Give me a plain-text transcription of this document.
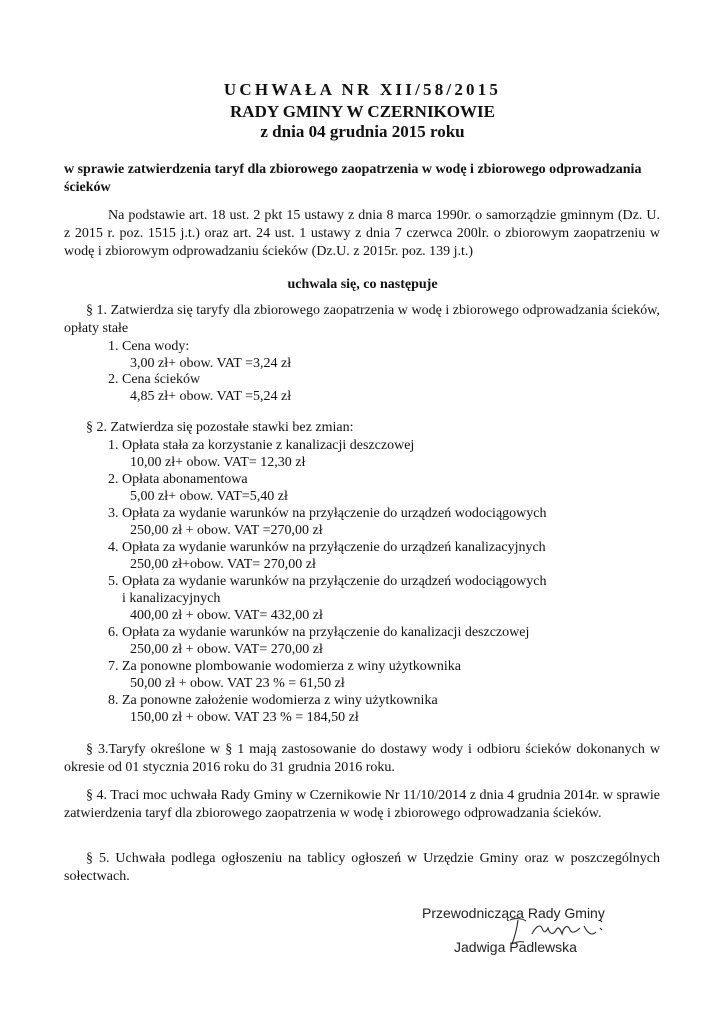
UCHWAŁA NR XII/58/2015
RADY GMINY W CZERNIKOWIE
z dnia 04 grudnia 2015 roku
w sprawie zatwierdzenia taryf dla zbiorowego zaopatrzenia w wodę i zbiorowego odprowadzania ścieków
Na podstawie art. 18 ust. 2 pkt 15 ustawy z dnia 8 marca 1990r. o samorządzie gminnym (Dz. U. z 2015 r. poz. 1515 j.t.) oraz art. 24 ust. 1 ustawy z dnia 7 czerwca 200lr. o zbiorowym zaopatrzeniu w wodę i zbiorowym odprowadzaniu ścieków (Dz.U. z 2015r. poz. 139 j.t.)
uchwala się, co następuje
§ 1. Zatwierdza się taryfy dla zbiorowego zaopatrzenia w wodę i zbiorowego odprowadzania ścieków, opłaty stałe
1. Cena wody:
3,00 zł+ obow. VAT =3,24 zł
2. Cena ścieków
4,85 zł+ obow. VAT =5,24 zł
§ 2. Zatwierdza się pozostałe stawki bez zmian:
1. Opłata stała za korzystanie z kanalizacji deszczowej
10,00 zł+ obow. VAT= 12,30 zł
2. Opłata abonamentowa
5,00 zł+ obow. VAT=5,40 zł
3. Opłata za wydanie warunków na przyłączenie do urządzeń wodociągowych
250,00 zł + obow. VAT =270,00 zł
4. Opłata za wydanie warunków na przyłączenie do urządzeń kanalizacyjnych
250,00 zł+obow. VAT= 270,00 zł
5. Opłata za wydanie warunków na przyłączenie do urządzeń wodociągowych
i kanalizacyjnych
400,00 zł + obow. VAT= 432,00 zł
6. Opłata za wydanie warunków na przyłączenie do kanalizacji deszczowej
250,00 zł + obow. VAT= 270,00 zł
7. Za ponowne plombowanie wodomierza z winy użytkownika
50,00 zł + obow. VAT 23 % = 61,50 zł
8. Za ponowne założenie wodomierza z winy użytkownika
150,00 zł + obow. VAT 23 % = 184,50 zł
§ 3.Taryfy określone w § 1 mają zastosowanie do dostawy wody i odbioru ścieków dokonanych w okresie od 01 stycznia 2016 roku do 31 grudnia 2016 roku.
§ 4. Traci moc uchwała Rady Gminy w Czernikowie Nr 11/10/2014 z dnia 4 grudnia 2014r. w sprawie zatwierdzenia taryf dla zbiorowego zaopatrzenia w wodę i zbiorowego odprowadzania ścieków.
§ 5. Uchwała podlega ogłoszeniu na tablicy ogłoszeń w Urzędzie Gminy oraz w poszczególnych sołectwach.
Przewodnicząca Rady Gminy
Jadwiga Padlewska
